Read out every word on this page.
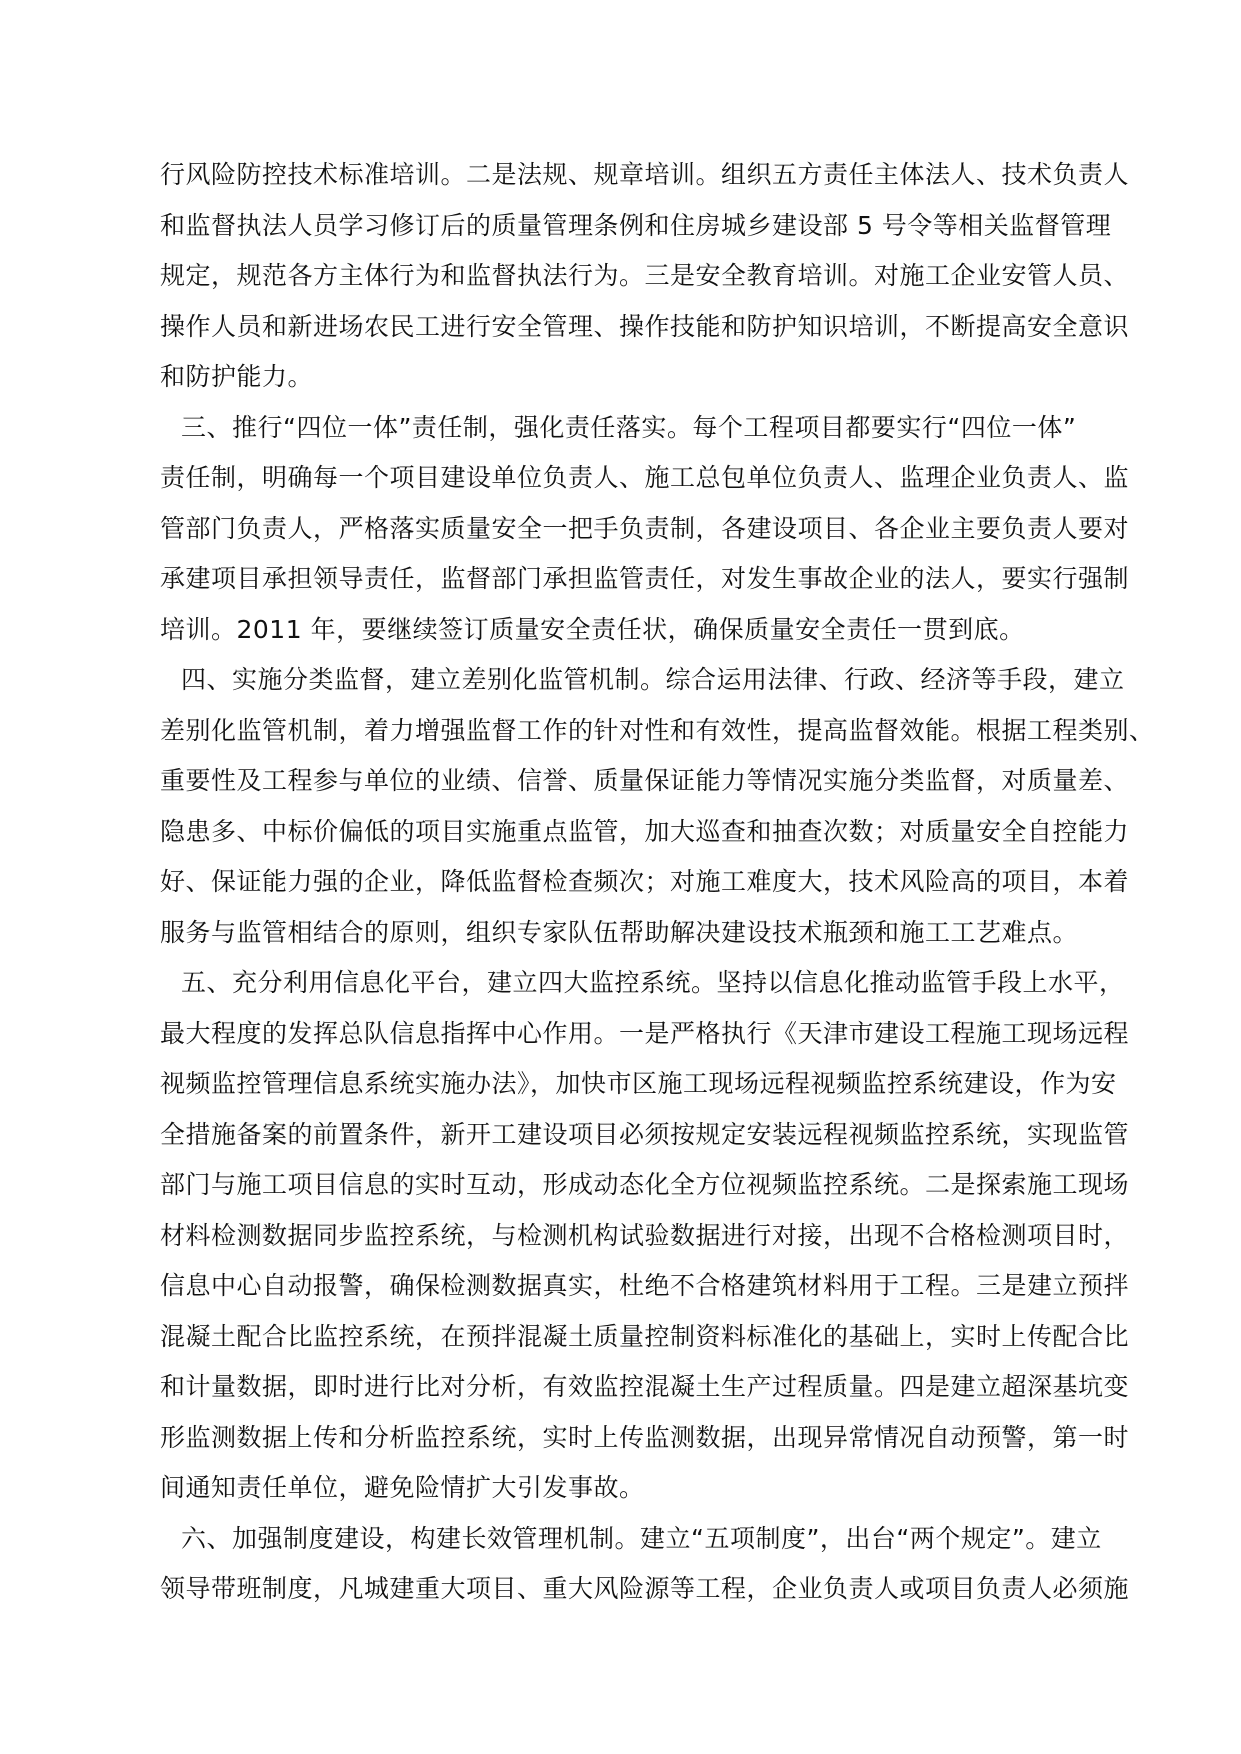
行风险防控技术标准培训。二是法规、规章培训。组织五方责任主体法人、技术负责人
和监督执法人员学习修订后的质量管理条例和住房城乡建设部 5 号令等相关监督管理
规定，规范各方主体行为和监督执法行为。三是安全教育培训。对施工企业安管人员、
操作人员和新进场农民工进行安全管理、操作技能和防护知识培训，不断提高安全意识
和防护能力。
三、推行“四位一体”责任制，强化责任落实。每个工程项目都要实行“四位一体”
责任制，明确每一个项目建设单位负责人、施工总包单位负责人、监理企业负责人、监
管部门负责人，严格落实质量安全一把手负责制，各建设项目、各企业主要负责人要对
承建项目承担领导责任，监督部门承担监管责任，对发生事故企业的法人，要实行强制
培训。2011 年，要继续签订质量安全责任状，确保质量安全责任一贯到底。
四、实施分类监督，建立差别化监管机制。综合运用法律、行政、经济等手段，建立
差别化监管机制，着力增强监督工作的针对性和有效性，提高监督效能。根据工程类别、
重要性及工程参与单位的业绩、信誉、质量保证能力等情况实施分类监督，对质量差、
隐患多、中标价偏低的项目实施重点监管，加大巡查和抽查次数；对质量安全自控能力
好、保证能力强的企业，降低监督检查频次；对施工难度大，技术风险高的项目，本着
服务与监管相结合的原则，组织专家队伍帮助解决建设技术瓶颈和施工工艺难点。
五、充分利用信息化平台，建立四大监控系统。坚持以信息化推动监管手段上水平，
最大程度的发挥总队信息指挥中心作用。一是严格执行《天津市建设工程施工现场远程
视频监控管理信息系统实施办法》，加快市区施工现场远程视频监控系统建设，作为安
全措施备案的前置条件，新开工建设项目必须按规定安装远程视频监控系统，实现监管
部门与施工项目信息的实时互动，形成动态化全方位视频监控系统。二是探索施工现场
材料检测数据同步监控系统，与检测机构试验数据进行对接，出现不合格检测项目时，
信息中心自动报警，确保检测数据真实，杜绝不合格建筑材料用于工程。三是建立预拌
混凝土配合比监控系统，在预拌混凝土质量控制资料标准化的基础上，实时上传配合比
和计量数据，即时进行比对分析，有效监控混凝土生产过程质量。四是建立超深基坑变
形监测数据上传和分析监控系统，实时上传监测数据，出现异常情况自动预警，第一时
间通知责任单位，避免险情扩大引发事故。
六、加强制度建设，构建长效管理机制。建立“五项制度”，出台“两个规定”。建立
领导带班制度，凡城建重大项目、重大风险源等工程，企业负责人或项目负责人必须施
